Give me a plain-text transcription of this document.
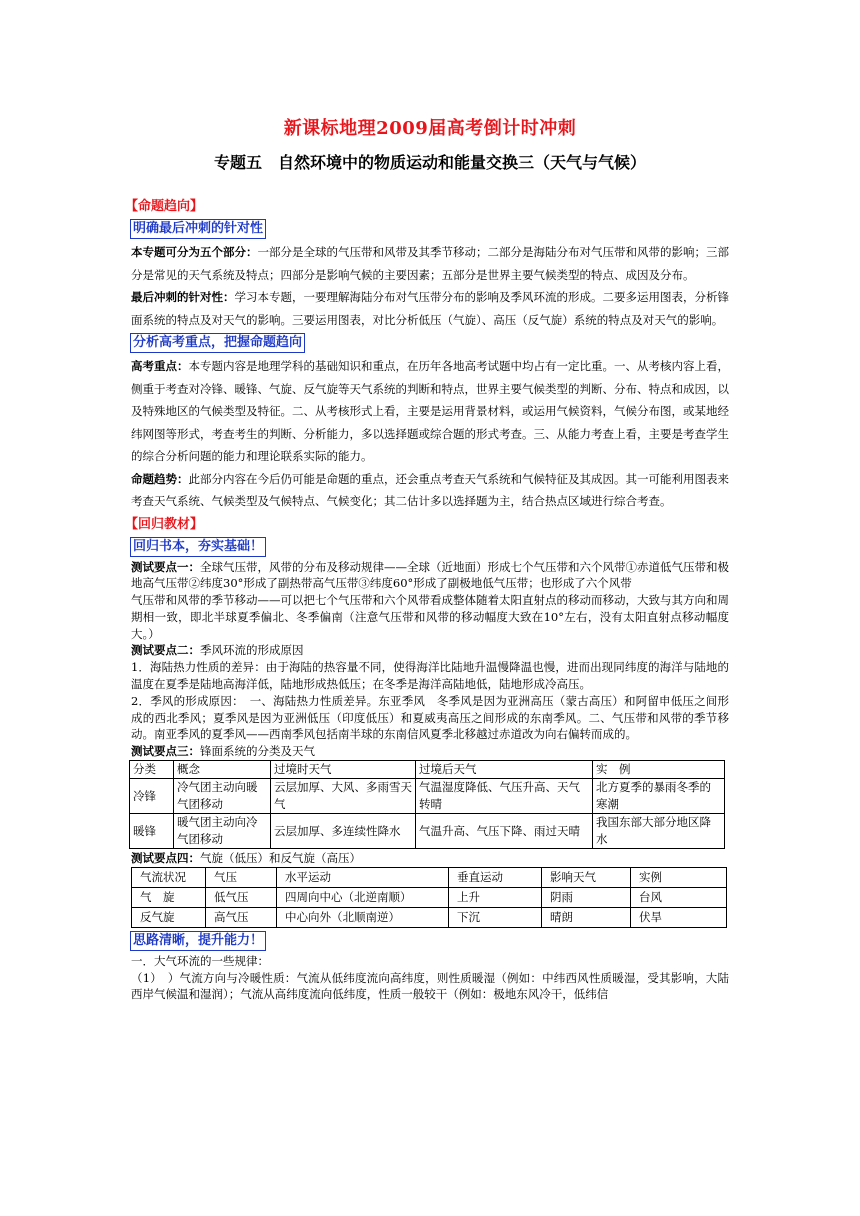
新课标地理2009届高考倒计时冲刺
专题五　自然环境中的物质运动和能量交换三（天气与气候）
【命题趋向】
明确最后冲刺的针对性

本专题可分为五个部分：一部分是全球的气压带和风带及其季节移动；二部分是海陆分布对气压带和风带的影响；三部分是常见的天气系统及特点；四部分是影响气候的主要因素；五部分是世界主要气候类型的特点、成因及分布。

最后冲刺的针对性：学习本专题，一要理解海陆分布对气压带分布的影响及季风环流的形成。二要多运用图表，分析锋面系统的特点及对天气的影响。三要运用图表，对比分析低压（气旋）、高压（反气旋）系统的特点及对天气的影响。

分析高考重点，把握命题趋向

高考重点：本专题内容是地理学科的基础知识和重点，在历年各地高考试题中均占有一定比重。一、从考核内容上看，侧重于考查对冷锋、暖锋、气旋、反气旋等天气系统的判断和特点，世界主要气候类型的判断、分布、特点和成因，以及特殊地区的气候类型及特征。二、从考核形式上看，主要是运用背景材料，或运用气候资料，气候分布图，或某地经纬网图等形式，考查考生的判断、分析能力，多以选择题或综合题的形式考查。三、从能力考查上看，主要是考查学生的综合分析问题的能力和理论联系实际的能力。

命题趋势：此部分内容在今后仍可能是命题的重点，还会重点考查天气系统和气候特征及其成因。其一可能利用图表来考查天气系统、气候类型及气候特点、气候变化；其二估计多以选择题为主，结合热点区域进行综合考查。

【回归教材】
回归书本，夯实基础！

测试要点一：全球气压带，风带的分布及移动规律——全球（近地面）形成七个气压带和六个风带①赤道低气压带和极地高气压带②纬度30°形成了副热带高气压带③纬度60°形成了副极地低气压带；也形成了六个风带

气压带和风带的季节移动——可以把七个气压带和六个风带看成整体随着太阳直射点的移动而移动，大致与其方向和周期相一致，即北半球夏季偏北、冬季偏南（注意气压带和风带的移动幅度大致在10°左右，没有太阳直射点移动幅度大。）

测试要点二：季风环流的形成原因

1．海陆热力性质的差异：由于海陆的热容量不同，使得海洋比陆地升温慢降温也慢，进而出现同纬度的海洋与陆地的温度在夏季是陆地高海洋低，陆地形成热低压；在冬季是海洋高陆地低，陆地形成冷高压。

2．季风的形成原因：　一、海陆热力性质差异。东亚季风　冬季风是因为亚洲高压（蒙古高压）和阿留申低压之间形成的西北季风；夏季风是因为亚洲低压（印度低压）和夏威夷高压之间形成的东南季风。二、气压带和风带的季节移动。南亚季风的夏季风——西南季风包括南半球的东南信风夏季北移越过赤道改为向右偏转而成的。

测试要点三：锋面系统的分类及天气

分类	概念	过境时天气	过境后天气	实　例
冷锋	冷气团主动向暖气团移动	云层加厚、大风、多雨雪天气	气温湿度降低、气压升高、天气转晴	北方夏季的暴雨冬季的寒潮
暖锋	暖气团主动向冷气团移动	云层加厚、多连续性降水	气温升高、气压下降、雨过天晴	我国东部大部分地区降水

测试要点四：气旋（低压）和反气旋（高压）

气流状况	气压	水平运动	垂直运动	影响天气	实例
气　旋	低气压	四周向中心（北逆南顺）	上升	阴雨	台风
反气旋	高气压	中心向外（北顺南逆）	下沉	晴朗	伏旱
思路清晰，提升能力！

一．大气环流的一些规律：

（1）　）气流方向与冷暖性质：气流从低纬度流向高纬度，则性质暖湿（例如：中纬西风性质暖湿，受其影响，大陆西岸气候温和湿润）；气流从高纬度流向低纬度，性质一般较干（例如：极地东风冷干，低纬信
